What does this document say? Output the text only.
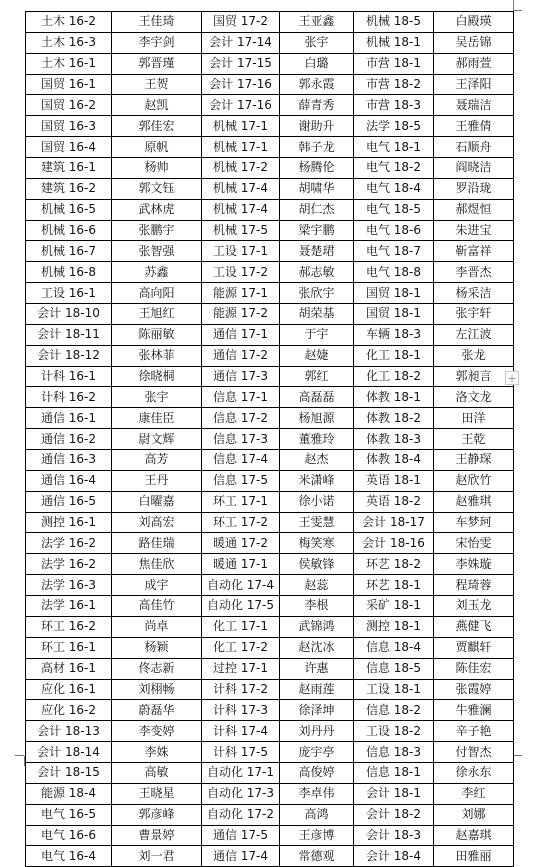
土木 16-2	王佳琦	国贸 17-2	王亚鑫	机械 18-5	白殿瑛
土木 16-3	李宇剑	会计 17-14	张宇	机械 18-1	吴岳锦
土木 16-1	郭晋瑾	会计 17-15	白璐	市营 18-1	郝雨萱
国贸 16-1	王贺	会计 17-16	郭永霞	市营 18-2	王泽阳
国贸 16-2	赵凯	会计 17-16	薛青秀	市营 18-3	聂瑞洁
国贸 16-3	郭佳宏	机械 17-1	谢助升	法学 18-5	王雅倩
国贸 16-4	原帆	机械 17-1	韩子龙	电气 18-1	石顺舟
建筑 16-1	杨帅	机械 17-2	杨腾伦	电气 18-2	阎晓洁
建筑 16-2	郭文钰	机械 17-4	胡啸华	电气 18-4	罗沿珑
机械 16-5	武林虎	机械 17-4	胡仁杰	电气 18-5	郝煜恒
机械 16-6	张鹏宇	机械 17-5	梁宇鹏	电气 18-6	朱进宝
机械 16-7	张智强	工设 17-1	聂楚珺	电气 18-7	靳富祥
机械 16-8	苏鑫	工设 17-2	郝志敏	电气 18-8	李晋杰
工设 16-1	高向阳	能源 17-1	张欣宇	国贸 18-1	杨采洁
会计 18-10	王旭红	能源 17-2	胡荣基	国贸 18-1	张宇轩
会计 18-11	陈丽敏	通信 17-1	于宇	车辆 18-3	左江波
会计 18-12	张林菲	通信 17-2	赵婕	化工 18-1	张龙
计科 16-1	徐晓桐	通信 17-3	郭红	化工 18-2	郭昶言
计科 16-2	张宇	信息 17-1	高磊磊	体教 18-1	洛文龙
通信 16-1	康佳臣	信息 17-2	杨旭源	体教 18-2	田洋
通信 16-2	尉文辉	信息 17-3	董雅玲	体教 18-3	王乾
通信 16-3	高芳	信息 17-4	赵杰	体教 18-4	王静琛
通信 16-4	王丹	信息 17-5	米潇峰	英语 18-1	赵欣竹
通信 16-5	白曜嘉	环工 17-1	徐小诺	英语 18-2	赵雅琪
测控 16-1	刘高宏	环工 17-2	王雯慧	会计 18-17	车梦珂
法学 16-2	路佳瑞	暖通 17-2	梅笑寒	会计 18-16	宋怡雯
法学 16-2	焦佳欣	暖通 17-1	侯敏锋	环艺 18-2	李姝璇
法学 16-3	成宇	自动化 17-4	赵蕊	环艺 18-1	程琦蓉
法学 16-1	高佳竹	自动化 17-5	李根	采矿 18-1	刘玉龙
环工 16-2	尚卓	化工 17-1	武锦鸿	测控 18-1	燕健飞
环工 16-1	杨颖	化工 17-2	赵沈冰	信息 18-4	贾麒轩
高材 16-1	佟志新	过控 17-1	许惠	信息 18-5	陈佳宏
应化 16-1	刘栩畅	计科 17-2	赵雨莲	工设 18-1	张霞婷
应化 16-2	蔚磊华	计科 17-3	徐泽坤	信息 18-2	牛雅澜
会计 18-13	李变婷	计科 17-4	刘丹丹	工设 18-2	辛子艳
会计 18-14	李姝	计科 17-5	庞宇亭	信息 18-3	付智杰
会计 18-15	高敏	自动化 17-1	高俊婷	信息 18-1	徐永东
能源 18-4	王晓星	自动化 17-3	李卓伟	会计 18-1	李红
电气 16-5	郭彦峰	自动化 17-2	高鸿	会计 18-2	刘娜
电气 16-6	曹景婷	通信 17-5	王彦博	会计 18-3	赵嘉琪
电气 16-4	刘一君	通信 17-4	常德观	会计 18-4	田雅丽
+
